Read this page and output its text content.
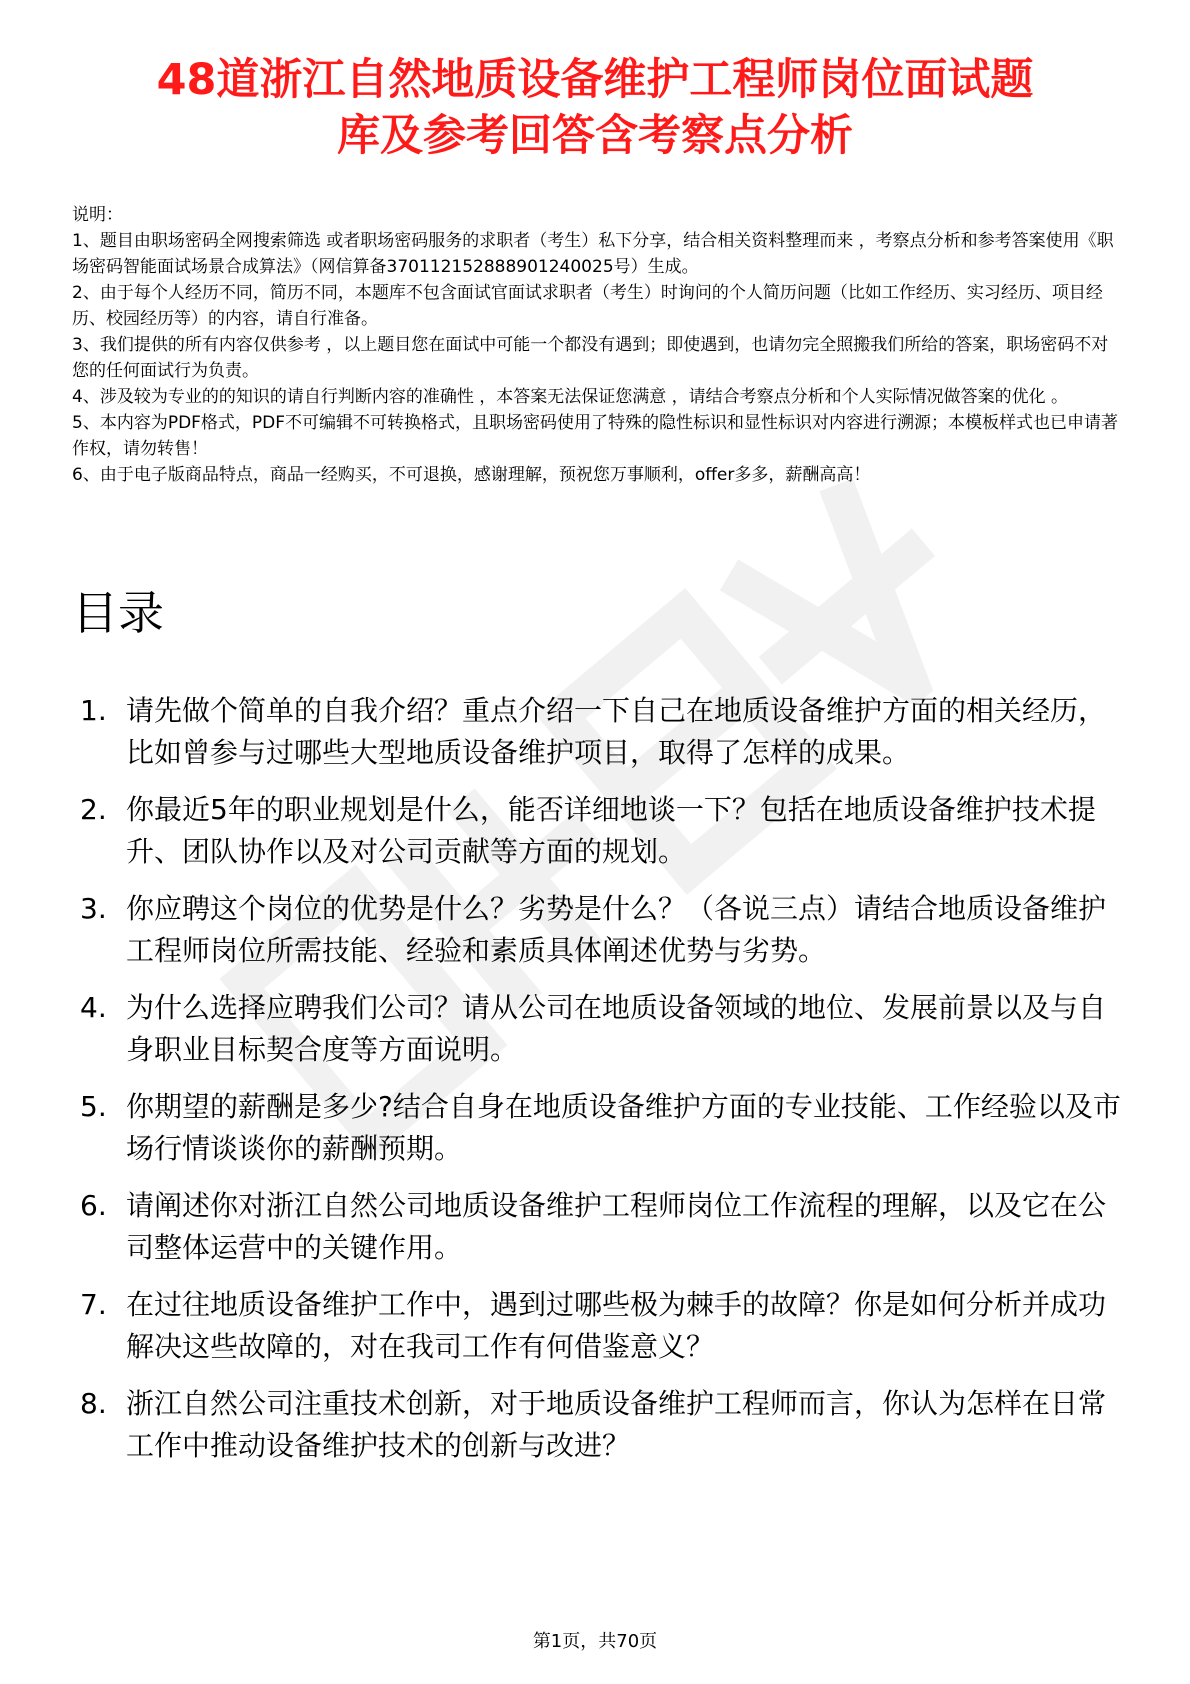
48道浙江自然地质设备维护工程师岗位面试题
库及参考回答含考察点分析

说明：

1、题目由职场密码全网搜索筛选 或者职场密码服务的求职者（考生）私下分享，结合相关资料整理而来 ，考察点分析和参考答案使用《职场密码智能面试场景合成算法》（网信算备370112152888901240025号）生成。

2、由于每个人经历不同，简历不同，本题库不包含面试官面试求职者（考生）时询问的个人简历问题（比如工作经历、实习经历、项目经历、校园经历等）的内容，请自行准备。

3、我们提供的所有内容仅供参考 ，以上题目您在面试中可能一个都没有遇到；即使遇到，也请勿完全照搬我们所给的答案，职场密码不对您的任何面试行为负责。

4、涉及较为专业的的知识的请自行判断内容的准确性 ，本答案无法保证您满意 ，请结合考察点分析和个人实际情况做答案的优化 。

5、本内容为PDF格式，PDF不可编辑不可转换格式，且职场密码使用了特殊的隐性标识和显性标识对内容进行溯源；本模板样式也已申请著作权，请勿转售！

6、由于电子版商品特点，商品一经购买，不可退换，感谢理解，预祝您万事顺利，offer多多，薪酬高高！

目录
1. 请先做个简单的自我介绍？重点介绍一下自己在地质设备维护方面的相关经历，比如曾参与过哪些大型地质设备维护项目，取得了怎样的成果。
2. 你最近5年的职业规划是什么，能否详细地谈一下？包括在地质设备维护技术提升、团队协作以及对公司贡献等方面的规划。
3. 你应聘这个岗位的优势是什么？劣势是什么？（各说三点）请结合地质设备维护工程师岗位所需技能、经验和素质具体阐述优势与劣势。
4. 为什么选择应聘我们公司？请从公司在地质设备领域的地位、发展前景以及与自身职业目标契合度等方面说明。
5. 你期望的薪酬是多少?结合自身在地质设备维护方面的专业技能、工作经验以及市场行情谈谈你的薪酬预期。
6. 请阐述你对浙江自然公司地质设备维护工程师岗位工作流程的理解，以及它在公司整体运营中的关键作用。
7. 在过往地质设备维护工作中，遇到过哪些极为棘手的故障？你是如何分析并成功解决这些故障的，对在我司工作有何借鉴意义？
8. 浙江自然公司注重技术创新，对于地质设备维护工程师而言，你认为怎样在日常工作中推动设备维护技术的创新与改进？
第1页，共70页
